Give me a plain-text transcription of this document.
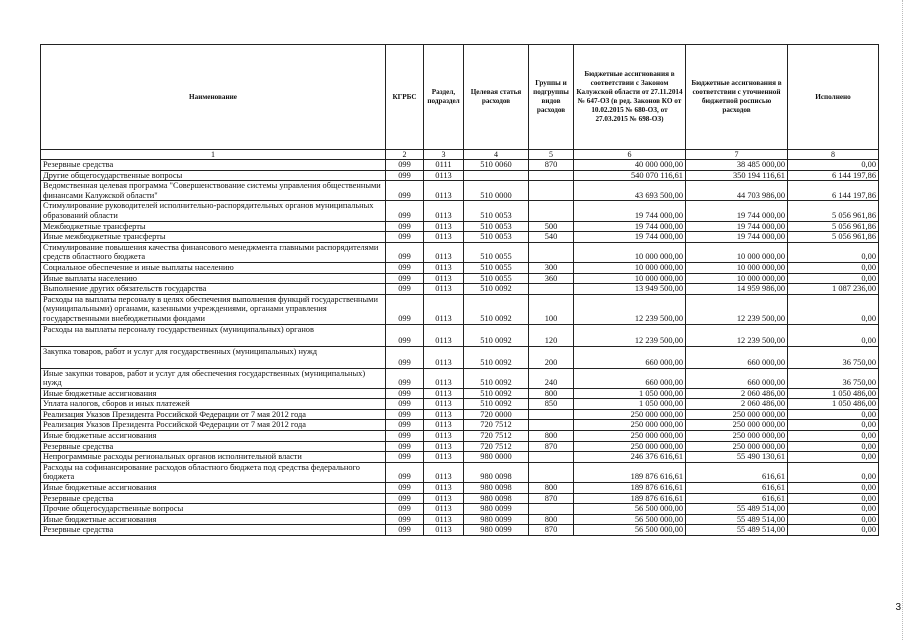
Наименование	КГРБС	Раздел, подраздел	Целевая статья расходов	Группы и подгруппы видов расходов	Бюджетные ассигнования в соответствии с Законом Калужской области от 27.11.2014 № 647-ОЗ (в ред. Законов КО от 10.02.2015 № 680-ОЗ, от 27.03.2015 № 698-ОЗ)	Бюджетные ассигнования в соответствии с уточненной бюджетной росписью расходов	Исполнено
1	2	3	4	5	6	7	8
Резервные средства	099	0111	510 0060	870	40 000 000,00	38 485 000,00	0,00
Другие общегосударственные вопросы	099	0113			540 070 116,61	350 194 116,61	6 144 197,86
Ведомственная целевая программа "Совершенствование системы управления общественными финансами Калужской области"	099	0113	510 0000		43 693 500,00	44 703 986,00	6 144 197,86
Стимулирование руководителей исполнительно-распорядительных органов муниципальных образований области	099	0113	510 0053		19 744 000,00	19 744 000,00	5 056 961,86
Межбюджетные трансферты	099	0113	510 0053	500	19 744 000,00	19 744 000,00	5 056 961,86
Иные межбюджетные трансферты	099	0113	510 0053	540	19 744 000,00	19 744 000,00	5 056 961,86
Стимулирование повышения качества финансового менеджмента главными распорядителями средств областного бюджета	099	0113	510 0055		10 000 000,00	10 000 000,00	0,00
Социальное обеспечение и иные выплаты населению	099	0113	510 0055	300	10 000 000,00	10 000 000,00	0,00
Иные выплаты населению	099	0113	510 0055	360	10 000 000,00	10 000 000,00	0,00
Выполнение других обязательств государства	099	0113	510 0092		13 949 500,00	14 959 986,00	1 087 236,00
Расходы на выплаты персоналу в целях обеспечения выполнения функций государственными (муниципальными) органами, казенными учреждениями, органами управления государственными внебюджетными фондами	099	0113	510 0092	100	12 239 500,00	12 239 500,00	0,00
Расходы на выплаты персоналу государственных (муниципальных) органов	099	0113	510 0092	120	12 239 500,00	12 239 500,00	0,00
Закупка товаров, работ и услуг для государственных (муниципальных) нужд	099	0113	510 0092	200	660 000,00	660 000,00	36 750,00
Иные закупки товаров, работ и услуг для обеспечения государственных (муниципальных) нужд	099	0113	510 0092	240	660 000,00	660 000,00	36 750,00
Иные бюджетные ассигнования	099	0113	510 0092	800	1 050 000,00	2 060 486,00	1 050 486,00
Уплата налогов, сборов и иных платежей	099	0113	510 0092	850	1 050 000,00	2 060 486,00	1 050 486,00
Реализация Указов Президента Российской Федерации от 7 мая 2012 года	099	0113	720 0000		250 000 000,00	250 000 000,00	0,00
Реализация Указов Президента Российской Федерации от 7 мая 2012 года	099	0113	720 7512		250 000 000,00	250 000 000,00	0,00
Иные бюджетные ассигнования	099	0113	720 7512	800	250 000 000,00	250 000 000,00	0,00
Резервные средства	099	0113	720 7512	870	250 000 000,00	250 000 000,00	0,00
Непрограммные расходы региональных органов исполнительной власти	099	0113	980 0000		246 376 616,61	55 490 130,61	0,00
Расходы на софинансирование расходов областного бюджета под средства федерального бюджета	099	0113	980 0098		189 876 616,61	616,61	0,00
Иные бюджетные ассигнования	099	0113	980 0098	800	189 876 616,61	616,61	0,00
Резервные средства	099	0113	980 0098	870	189 876 616,61	616,61	0,00
Прочие общегосударственные вопросы	099	0113	980 0099		56 500 000,00	55 489 514,00	0,00
Иные бюджетные ассигнования	099	0113	980 0099	800	56 500 000,00	55 489 514,00	0,00
Резервные средства	099	0113	980 0099	870	56 500 000,00	55 489 514,00	0,00
3
